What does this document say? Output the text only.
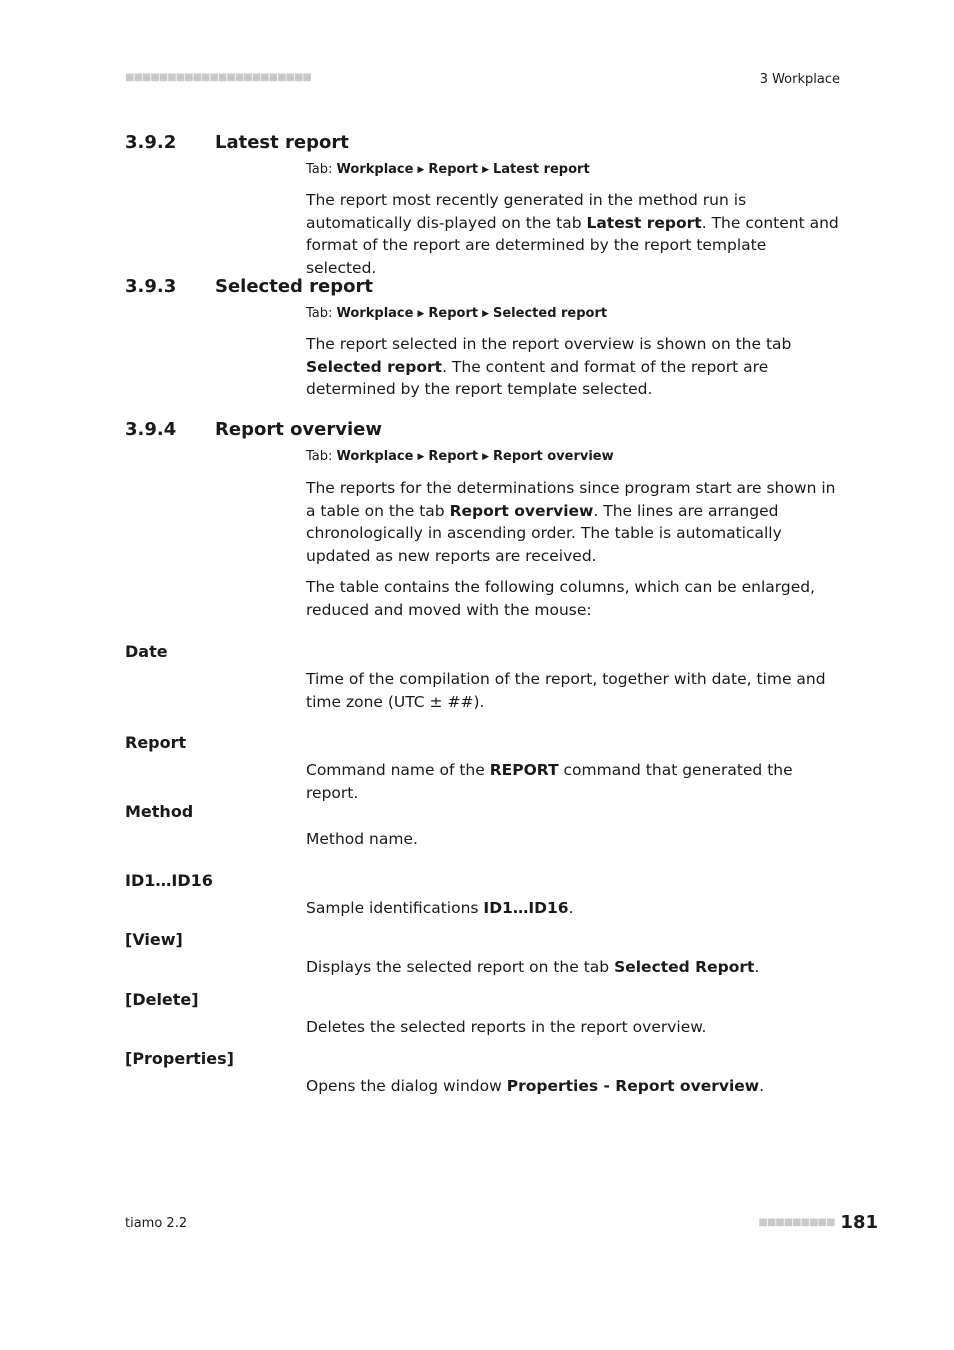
■■■■■■■■■■■■■■■■■■■■■■	3 Workplace
3.9.2 Latest report
Tab: Workplace ▶ Report ▶ Latest report
The report most recently generated in the method run is automatically dis-played on the tab Latest report. The content and format of the report are determined by the report template selected.
3.9.3 Selected report
Tab: Workplace ▶ Report ▶ Selected report
The report selected in the report overview is shown on the tab Selected report. The content and format of the report are determined by the report template selected.
3.9.4 Report overview
Tab: Workplace ▶ Report ▶ Report overview
The reports for the determinations since program start are shown in a table on the tab Report overview. The lines are arranged chronologically in ascending order. The table is automatically updated as new reports are received.
The table contains the following columns, which can be enlarged, reduced and moved with the mouse:
Date
Time of the compilation of the report, together with date, time and time zone (UTC ± ##).
Report
Command name of the REPORT command that generated the report.
Method
Method name.
ID1…ID16
Sample identifications ID1…ID16.
[View]
Displays the selected report on the tab Selected Report.
[Delete]
Deletes the selected reports in the report overview.
[Properties]
Opens the dialog window Properties - Report overview.
tiamo 2.2	■■■■■■■■■ 181
